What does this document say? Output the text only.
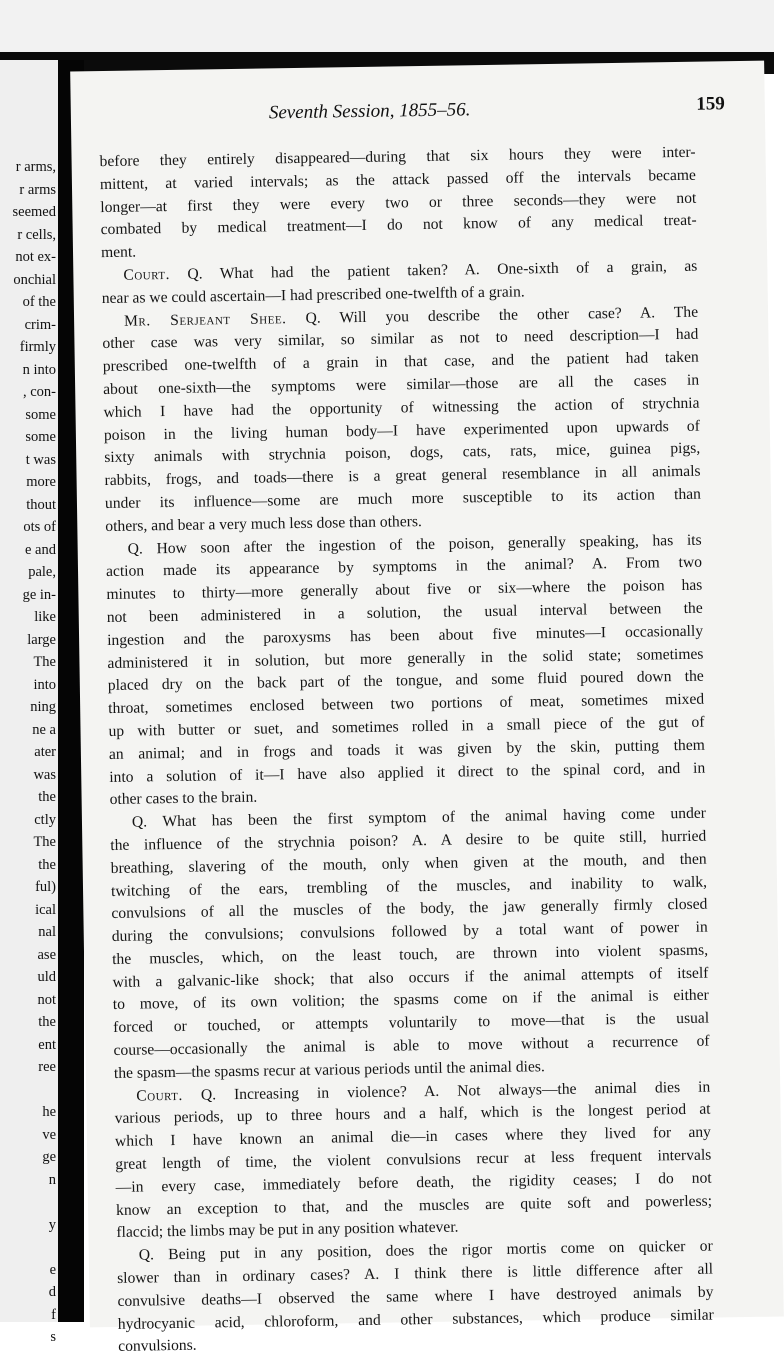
r arms,
r arms
seemed
r cells,
not ex-
onchial
of the
crim-
firmly
n into
, con-
some
some
t was
more
thout
ots of
e and
pale,
ge in-
like
large
The
into
ning
ne a
ater
was
the
ctly
The
the
ful)
ical
nal
ase
uld
not
the
ent
ree
he
ve
ge
n
y
e
d
f
s
Seventh Session, 1855–56.	159
before they entirely disappeared—during that six hours they were inter-
mittent, at varied intervals; as the attack passed off the intervals became
longer—at first they were every two or three seconds—they were not
combated by medical treatment—I do not know of any medical treat-
ment.
Court. Q. What had the patient taken? A. One-sixth of a grain, as
near as we could ascertain—I had prescribed one-twelfth of a grain.
Mr. Serjeant Shee. Q. Will you describe the other case? A. The
other case was very similar, so similar as not to need description—I had
prescribed one-twelfth of a grain in that case, and the patient had taken
about one-sixth—the symptoms were similar—those are all the cases in
which I have had the opportunity of witnessing the action of strychnia
poison in the living human body—I have experimented upon upwards of
sixty animals with strychnia poison, dogs, cats, rats, mice, guinea pigs,
rabbits, frogs, and toads—there is a great general resemblance in all animals
under its influence—some are much more susceptible to its action than
others, and bear a very much less dose than others.
Q. How soon after the ingestion of the poison, generally speaking, has its
action made its appearance by symptoms in the animal? A. From two
minutes to thirty—more generally about five or six—where the poison has
not been administered in a solution, the usual interval between the
ingestion and the paroxysms has been about five minutes—I occasionally
administered it in solution, but more generally in the solid state; sometimes
placed dry on the back part of the tongue, and some fluid poured down the
throat, sometimes enclosed between two portions of meat, sometimes mixed
up with butter or suet, and sometimes rolled in a small piece of the gut of
an animal; and in frogs and toads it was given by the skin, putting them
into a solution of it—I have also applied it direct to the spinal cord, and in
other cases to the brain.
Q. What has been the first symptom of the animal having come under
the influence of the strychnia poison? A. A desire to be quite still, hurried
breathing, slavering of the mouth, only when given at the mouth, and then
twitching of the ears, trembling of the muscles, and inability to walk,
convulsions of all the muscles of the body, the jaw generally firmly closed
during the convulsions; convulsions followed by a total want of power in
the muscles, which, on the least touch, are thrown into violent spasms,
with a galvanic-like shock; that also occurs if the animal attempts of itself
to move, of its own volition; the spasms come on if the animal is either
forced or touched, or attempts voluntarily to move—that is the usual
course—occasionally the animal is able to move without a recurrence of
the spasm—the spasms recur at various periods until the animal dies.
Court. Q. Increasing in violence? A. Not always—the animal dies in
various periods, up to three hours and a half, which is the longest period at
which I have known an animal die—in cases where they lived for any
great length of time, the violent convulsions recur at less frequent intervals
—in every case, immediately before death, the rigidity ceases; I do not
know an exception to that, and the muscles are quite soft and powerless;
flaccid; the limbs may be put in any position whatever.
Q. Being put in any position, does the rigor mortis come on quicker or
slower than in ordinary cases? A. I think there is little difference after all
convulsive deaths—I observed the same where I have destroyed animals by
hydrocyanic acid, chloroform, and other substances, which produce similar
convulsions.
